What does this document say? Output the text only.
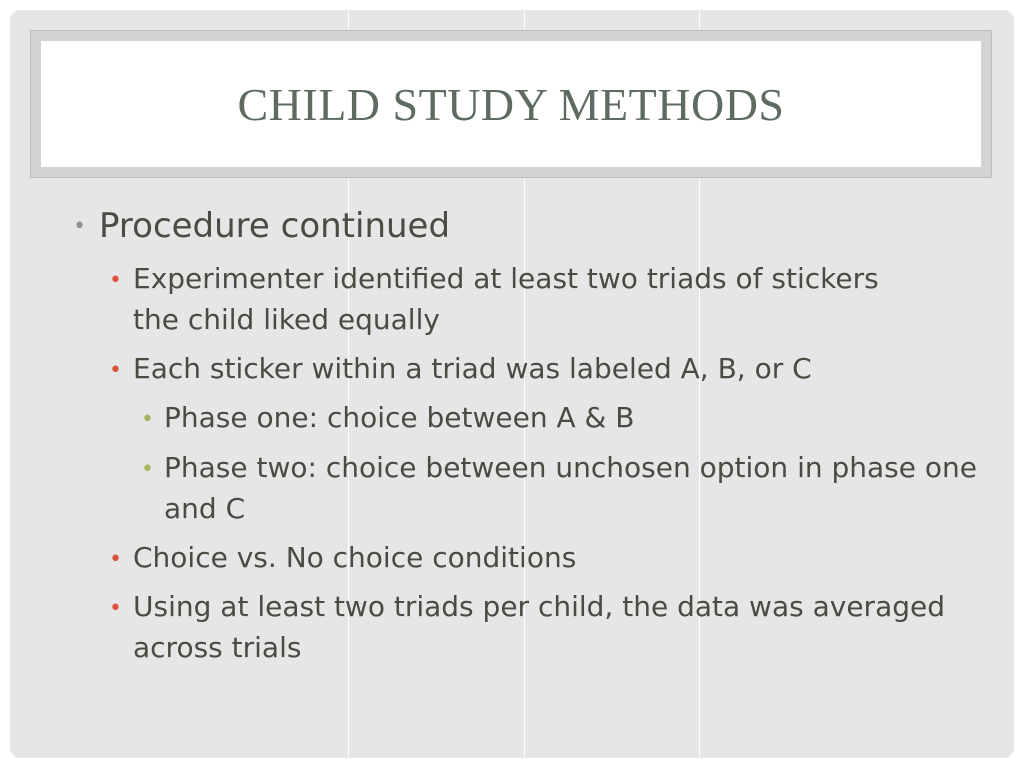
CHILD STUDY METHODS
• Procedure continued
• Experimenter identified at least two triads of stickers the child liked equally
• Each sticker within a triad was labeled A, B, or C
• Phase one: choice between A & B
• Phase two: choice between unchosen option in phase one and C
• Choice vs. No choice conditions
• Using at least two triads per child, the data was averaged across trials
